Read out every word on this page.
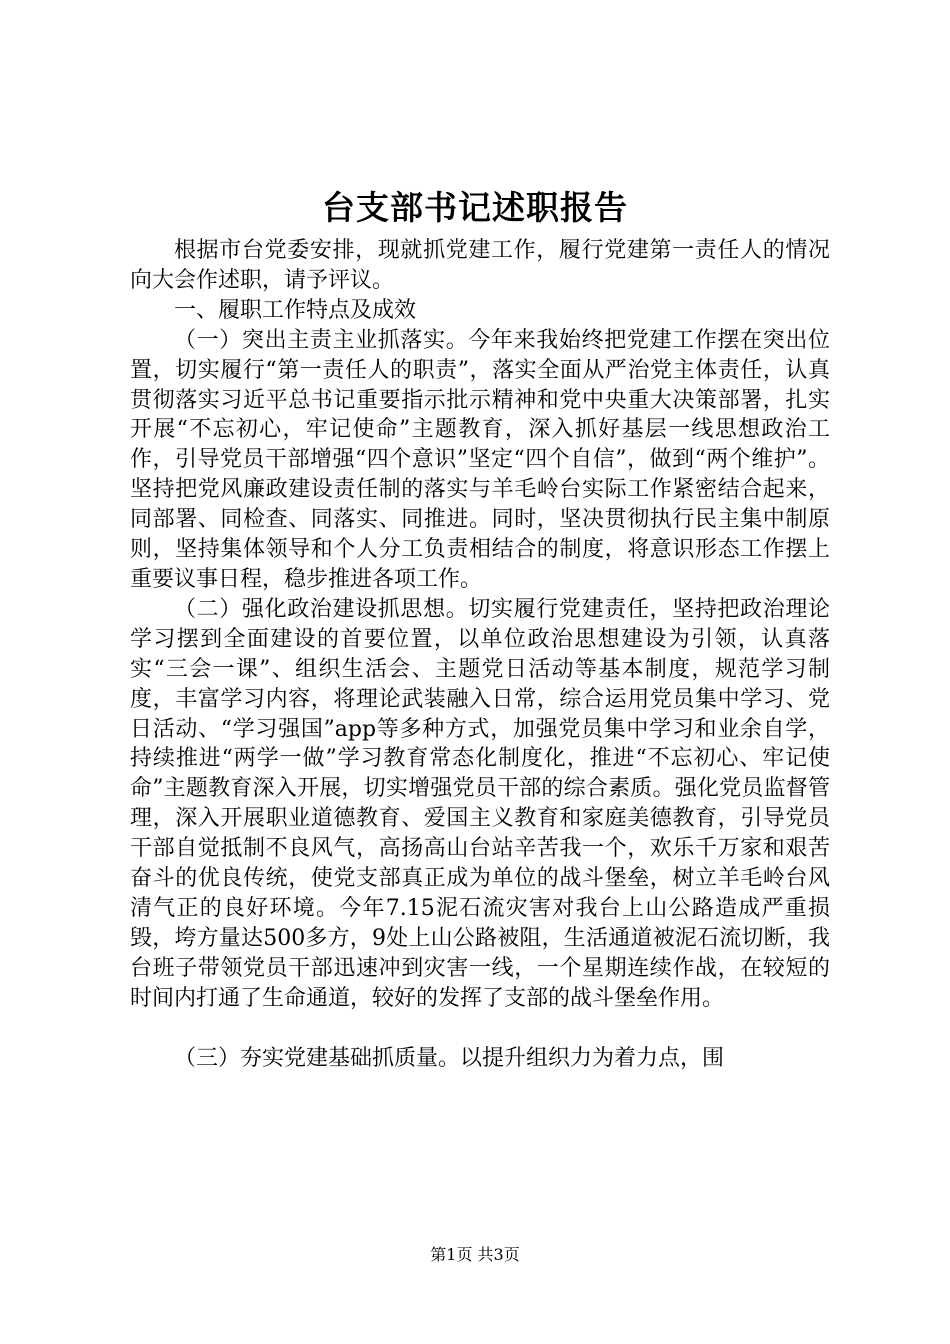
台支部书记述职报告

根据市台党委安排，现就抓党建工作，履行党建第一责任人的情况向大会作述职，请予评议。

一、履职工作特点及成效

（一）突出主责主业抓落实。今年来我始终把党建工作摆在突出位置，切实履行“第一责任人的职责”，落实全面从严治党主体责任，认真贯彻落实习近平总书记重要指示批示精神和党中央重大决策部署，扎实开展“不忘初心，牢记使命”主题教育，深入抓好基层一线思想政治工作，引导党员干部增强“四个意识”坚定“四个自信”，做到“两个维护”。坚持把党风廉政建设责任制的落实与羊毛岭台实际工作紧密结合起来，同部署、同检查、同落实、同推进。同时，坚决贯彻执行民主集中制原则，坚持集体领导和个人分工负责相结合的制度，将意识形态工作摆上重要议事日程，稳步推进各项工作。

（二）强化政治建设抓思想。切实履行党建责任，坚持把政治理论学习摆到全面建设的首要位置，以单位政治思想建设为引领，认真落实“三会一课”、组织生活会、主题党日活动等基本制度，规范学习制度，丰富学习内容，将理论武装融入日常，综合运用党员集中学习、党日活动、“学习强国”app等多种方式，加强党员集中学习和业余自学，持续推进“两学一做”学习教育常态化制度化，推进“不忘初心、牢记使命”主题教育深入开展，切实增强党员干部的综合素质。强化党员监督管理，深入开展职业道德教育、爱国主义教育和家庭美德教育，引导党员干部自觉抵制不良风气，高扬高山台站辛苦我一个，欢乐千万家和艰苦奋斗的优良传统，使党支部真正成为单位的战斗堡垒，树立羊毛岭台风清气正的良好环境。今年7.15泥石流灾害对我台上山公路造成严重损毁，垮方量达500多方，9处上山公路被阻，生活通道被泥石流切断，我台班子带领党员干部迅速冲到灾害一线，一个星期连续作战，在较短的时间内打通了生命通道，较好的发挥了支部的战斗堡垒作用。

（三）夯实党建基础抓质量。以提升组织力为着力点，围

第1页 共3页
